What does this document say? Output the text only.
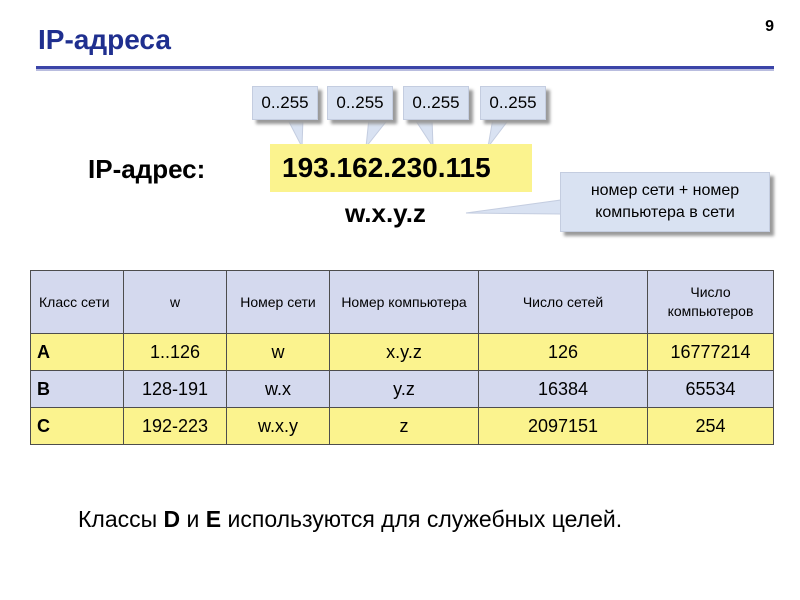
IP-адреса	9
0..255	0..255	0..255	0..255
IP-адрес:	193.162.230.115
w.x.y.z
номер сети + номер компьютера в сети
Класс сети	w	Номер сети	Номер компьютера	Число сетей	Число компьютеров
A	1..126	w	x.y.z	126	16777214
B	128-191	w.x	y.z	16384	65534
C	192-223	w.x.y	z	2097151	254
Классы D и E используются для служебных целей.
